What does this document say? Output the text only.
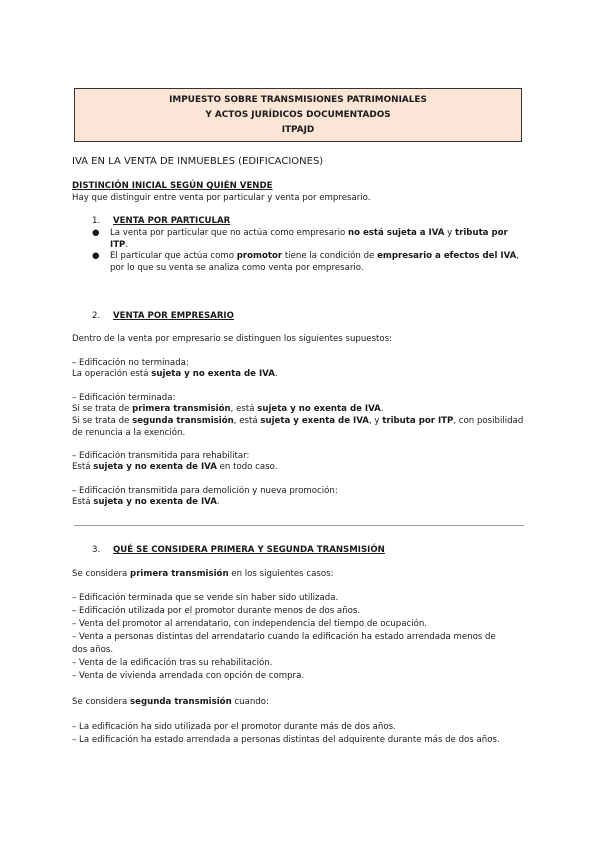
IMPUESTO SOBRE TRANSMISIONES PATRIMONIALES
Y ACTOS JURÍDICOS DOCUMENTADOS
ITPAJD
IVA EN LA VENTA DE INMUEBLES (EDIFICACIONES)
DISTINCIÓN INICIAL SEGÚN QUIÉN VENDE
Hay que distinguir entre venta por particular y venta por empresario.
1. VENTA POR PARTICULAR
● La venta por particular que no actúa como empresario no está sujeta a IVA y tributa por ITP.
● El particular que actúa como promotor tiene la condición de empresario a efectos del IVA, por lo que su venta se analiza como venta por empresario.
2. VENTA POR EMPRESARIO
Dentro de la venta por empresario se distinguen los siguientes supuestos:
– Edificación no terminada:
La operación está sujeta y no exenta de IVA.
– Edificación terminada:
Si se trata de primera transmisión, está sujeta y no exenta de IVA.
Si se trata de segunda transmisión, está sujeta y exenta de IVA, y tributa por ITP, con posibilidad
de renuncia a la exención.
– Edificación transmitida para rehabilitar:
Está sujeta y no exenta de IVA en todo caso.
– Edificación transmitida para demolición y nueva promoción:
Está sujeta y no exenta de IVA.
3. QUÉ SE CONSIDERA PRIMERA Y SEGUNDA TRANSMISIÓN
Se considera primera transmisión en los siguientes casos:
– Edificación terminada que se vende sin haber sido utilizada.
– Edificación utilizada por el promotor durante menos de dos años.
– Venta del promotor al arrendatario, con independencia del tiempo de ocupación.
– Venta a personas distintas del arrendatario cuando la edificación ha estado arrendada menos de
dos años.
– Venta de la edificación tras su rehabilitación.
– Venta de vivienda arrendada con opción de compra.
Se considera segunda transmisión cuando:
– La edificación ha sido utilizada por el promotor durante más de dos años.
– La edificación ha estado arrendada a personas distintas del adquirente durante más de dos años.
